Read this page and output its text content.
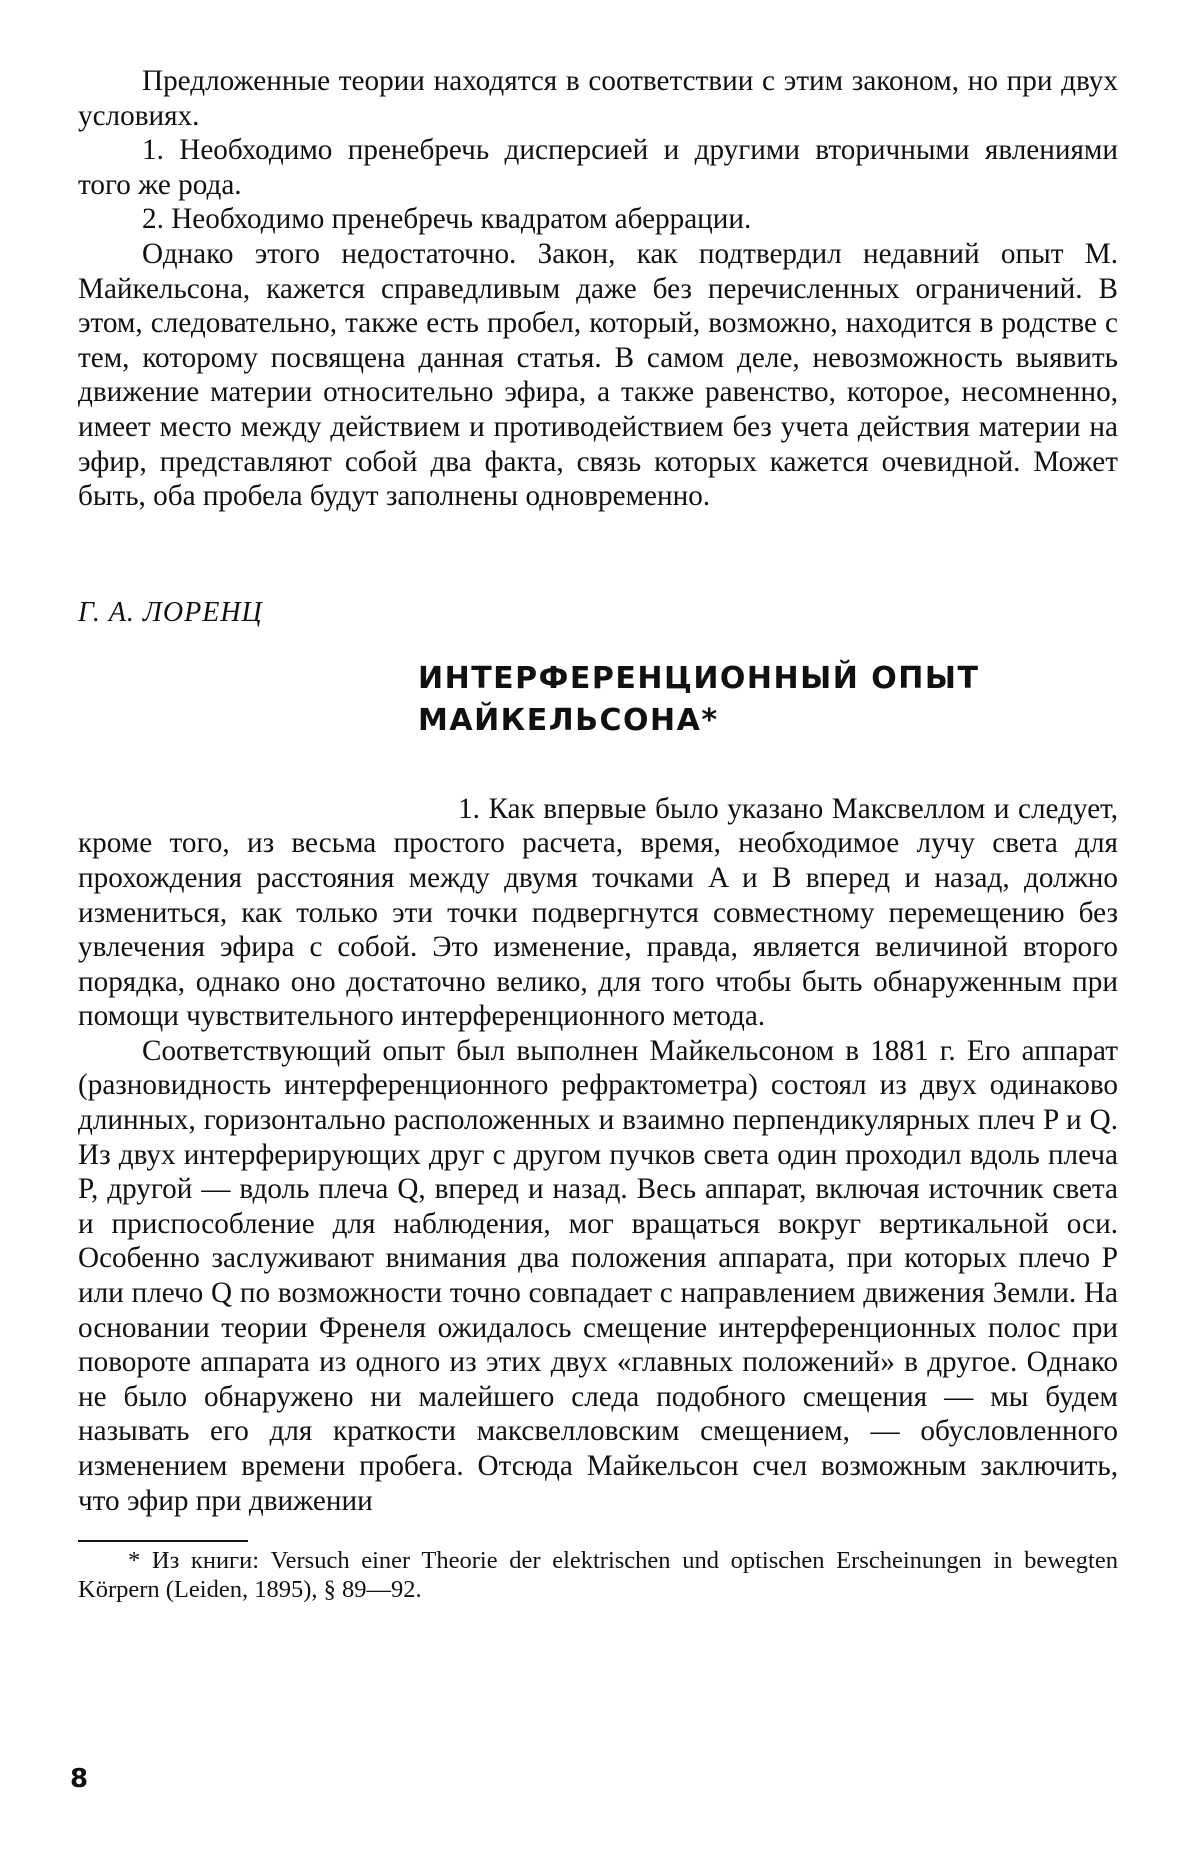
Предложенные теории находятся в соответствии с этим законом, но при двух условиях.

1. Необходимо пренебречь дисперсией и другими вторичными явлениями того же рода.

2. Необходимо пренебречь квадратом аберрации.

Однако этого недостаточно. Закон, как подтвердил недавний опыт М. Майкельсона, кажется справедливым даже без перечисленных ограничений. В этом, следовательно, также есть пробел, который, возможно, находится в родстве с тем, которому посвящена данная статья. В самом деле, невозможность выявить движение материи относительно эфира, а также равенство, которое, несомненно, имеет место между действием и противодействием без учета действия материи на эфир, представляют собой два факта, связь которых кажется очевидной. Может быть, оба пробела будут заполнены одновременно.

Г. А. ЛОРЕНЦ
ИНТЕРФЕРЕНЦИОННЫЙ ОПЫТ
МАЙКЕЛЬСОНА*

1. Как впервые было указано Максвеллом и следует, кроме того, из весьма простого расчета, время, необходимое лучу света для прохождения расстояния между двумя точками A и B вперед и назад, должно измениться, как только эти точки подвергнутся совместному перемещению без увлечения эфира с собой. Это изменение, правда, является величиной второго порядка, однако оно достаточно велико, для того чтобы быть обнаруженным при помощи чувствительного интерференционного метода.

Соответствующий опыт был выполнен Майкельсоном в 1881 г. Его аппарат (разновидность интерференционного рефрактометра) состоял из двух одинаково длинных, горизонтально расположенных и взаимно перпендикулярных плеч P и Q. Из двух интерферирующих друг с другом пучков света один проходил вдоль плеча P, другой — вдоль плеча Q, вперед и назад. Весь аппарат, включая источник света и приспособление для наблюдения, мог вращаться вокруг вертикальной оси. Особенно заслуживают внимания два положения аппарата, при которых плечо P или плечо Q по возможности точно совпадает с направлением движения Земли. На основании теории Френеля ожидалось смещение интерференционных полос при повороте аппарата из одного из этих двух «главных положений» в другое. Однако не было обнаружено ни малейшего следа подобного смещения — мы будем называть его для краткости максвелловским смещением, — обусловленного изменением времени пробега. Отсюда Майкельсон счел возможным заключить, что эфир при движении

* Из книги: Versuch einer Theorie der elektrischen und optischen Erscheinungen in bewegten Körpern (Leiden, 1895), § 89—92.

8
